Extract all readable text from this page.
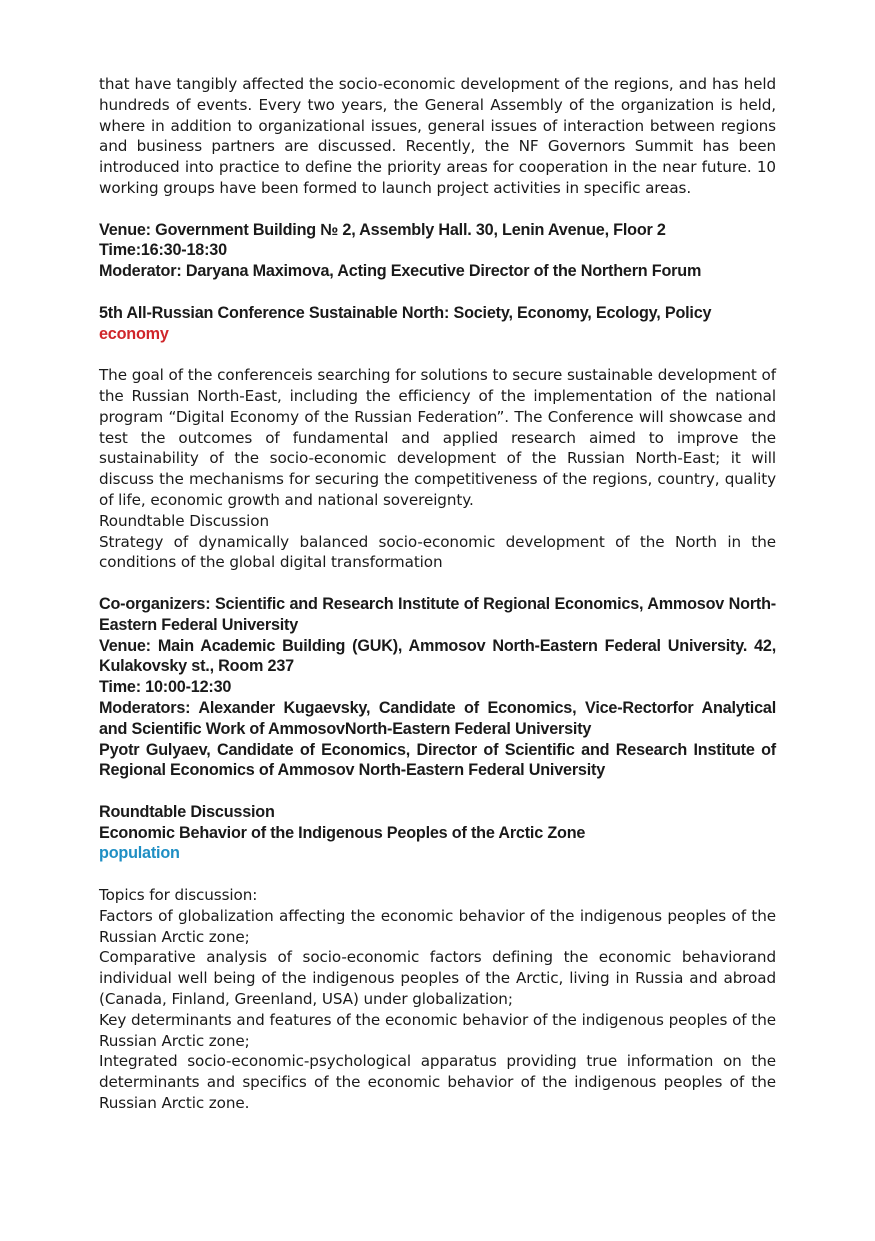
that have tangibly affected the socio-economic development of the regions, and has held hundreds of events. Every two years, the General Assembly of the organization is held, where in addition to organizational issues, general issues of interaction between regions and business partners are discussed. Recently, the NF Governors Summit has been introduced into practice to define the priority areas for cooperation in the near future. 10 working groups have been formed to launch project activities in specific areas.

Venue: Government Building № 2, Assembly Hall. 30, Lenin Avenue, Floor 2

Time:16:30-18:30

Moderator: Daryana Maximova, Acting Executive Director of the Northern Forum

5th All-Russian Conference Sustainable North: Society, Economy, Ecology, Policy

economy

The goal of the conferenceis searching for solutions to secure sustainable development of the Russian North-East, including the efficiency of the implementation of the national program “Digital Economy of the Russian Federation”. The Conference will showcase and test the outcomes of fundamental and applied research aimed to improve the sustainability of the socio-economic development of the Russian North-East; it will discuss the mechanisms for securing the competitiveness of the regions, country, quality of life, economic growth and national sovereignty.

Roundtable Discussion

Strategy of dynamically balanced socio-economic development of the North in the conditions of the global digital transformation

Co-organizers: Scientific and Research Institute of Regional Economics, Ammosov North-Eastern Federal University

Venue: Main Academic Building (GUK), Ammosov North-Eastern Federal University. 42, Kulakovsky st., Room 237

Time: 10:00-12:30

Moderators: Alexander Kugaevsky, Candidate of Economics, Vice-Rectorfor Analytical and Scientific Work of AmmosovNorth-Eastern Federal University

Pyotr Gulyaev, Candidate of Economics, Director of Scientific and Research Institute of Regional Economics of Ammosov North-Eastern Federal University

Roundtable Discussion

Economic Behavior of the Indigenous Peoples of the Arctic Zone

population

Topics for discussion:

Factors of globalization affecting the economic behavior of the indigenous peoples of the Russian Arctic zone;

Comparative analysis of socio-economic factors defining the economic behaviorand individual well being of the indigenous peoples of the Arctic, living in Russia and abroad (Canada, Finland, Greenland, USA) under globalization;

Key determinants and features of the economic behavior of the indigenous peoples of the Russian Arctic zone;

Integrated socio-economic-psychological apparatus providing true information on the determinants and specifics of the economic behavior of the indigenous peoples of the Russian Arctic zone.
